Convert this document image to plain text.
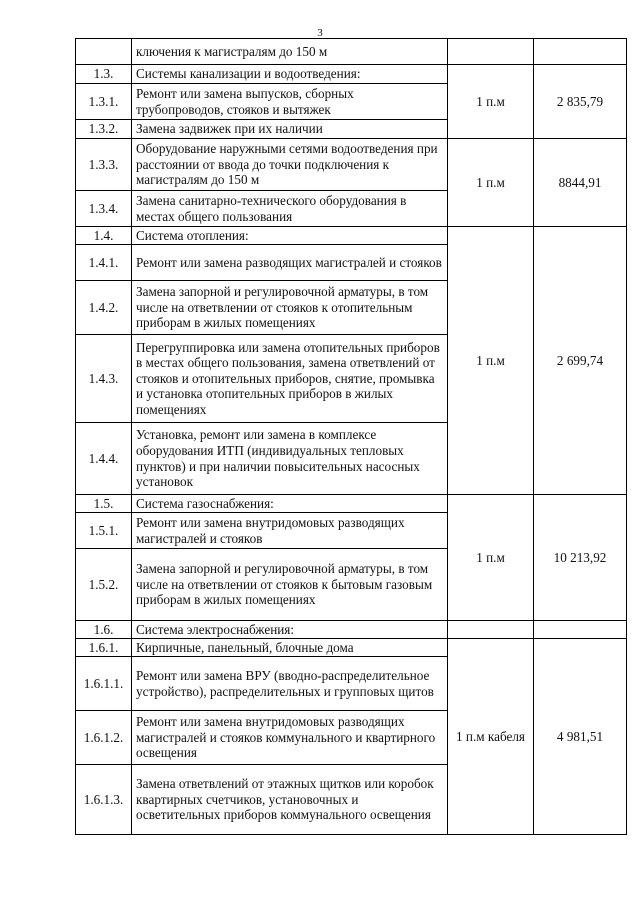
3
	ключения к магистралям до 150 м		
1.3.	Системы канализации и водоотведения:	1 п.м	2 835,79
1.3.1.	Ремонт или замена выпусков, сборных трубопроводов, стояков и вытяжек		
1.3.2.	Замена задвижек при их наличии		
1.3.3.	Оборудование наружными сетями водоотведения при расстоянии от ввода до точки подключения к магистралям до 150 м	1 п.м	8844,91
1.3.4.	Замена санитарно-технического оборудования в местах общего пользования		
1.4.	Система отопления:	1 п.м	2 699,74
1.4.1.	Ремонт или замена разводящих магистралей и стояков		
1.4.2.	Замена запорной и регулировочной арматуры, в том числе на ответвлении от стояков к отопительным приборам в жилых помещениях		
1.4.3.	Перегруппировка или замена отопительных приборов в местах общего пользования, замена ответвлений от стояков и отопительных приборов, снятие, промывка и установка отопительных приборов в жилых помещениях		
1.4.4.	Установка, ремонт или замена в комплексе оборудования ИТП (индивидуальных тепловых пунктов) и при наличии повысительных насосных установок		
1.5.	Система газоснабжения:	1 п.м	10 213,92
1.5.1.	Ремонт или замена внутридомовых разводящих магистралей и стояков		
1.5.2.	Замена запорной и регулировочной арматуры, в том числе на ответвлении от стояков к бытовым газовым приборам в жилых помещениях		
1.6.	Система электроснабжения:		
1.6.1.	Кирпичные, панельный, блочные дома	1 п.м кабеля	4 981,51
1.6.1.1.	Ремонт или замена ВРУ (вводно-распределительное устройство), распределительных и групповых щитов		
1.6.1.2.	Ремонт или замена внутридомовых разводящих магистралей и стояков коммунального и квартирного освещения		
1.6.1.3.	Замена ответвлений от этажных щитков или коробок квартирных счетчиков, установочных и осветительных приборов коммунального освещения		
